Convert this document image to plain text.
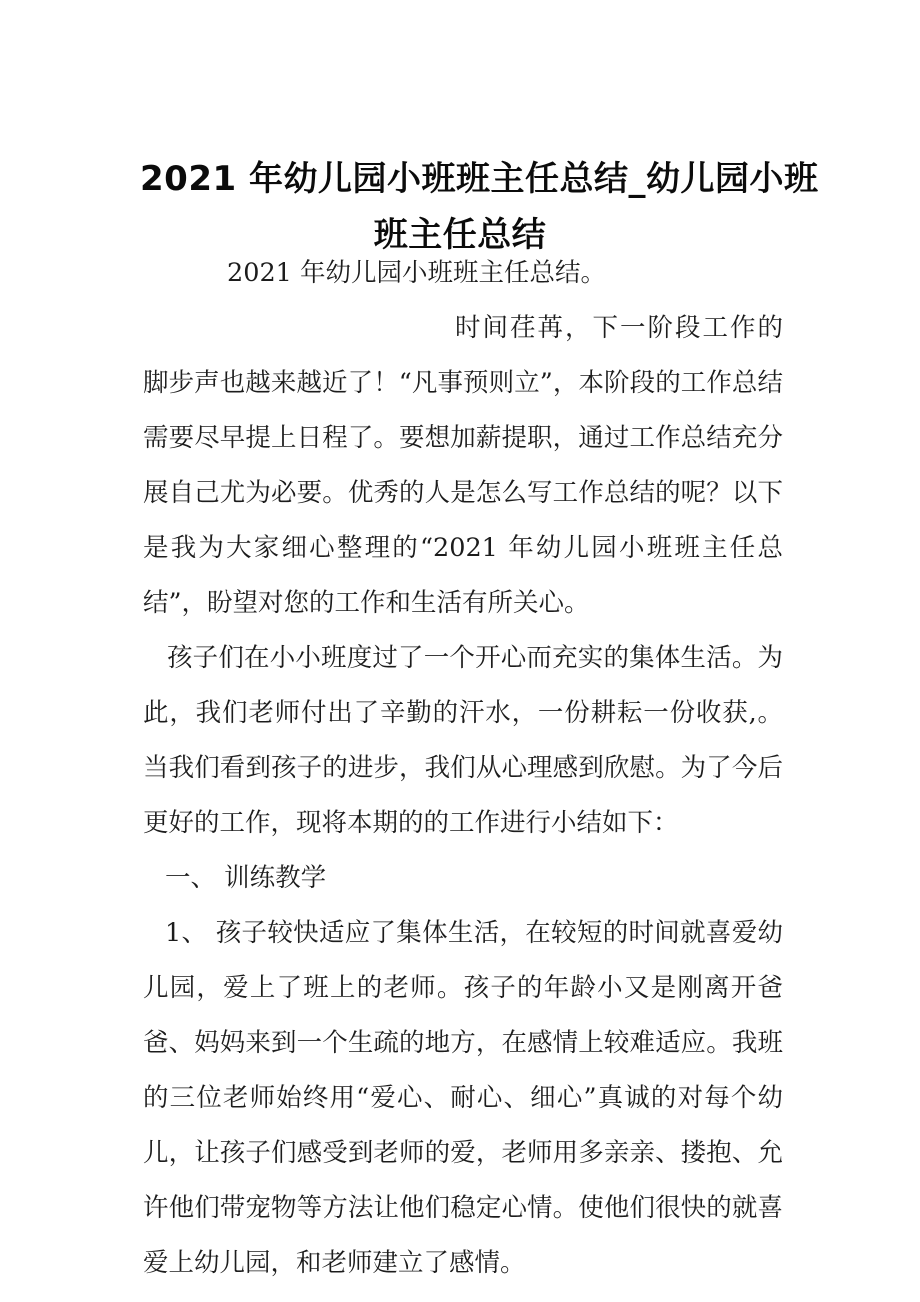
2021 年幼儿园小班班主任总结_幼儿园小班
班主任总结

2021 年幼儿园小班班主任总结。

时间荏苒，下一阶段工作的脚步声也越来越近了！“凡事预则立”，本阶段的工作总结需要尽早提上日程了。要想加薪提职，通过工作总结充分展自己尤为必要。优秀的人是怎么写工作总结的呢？以下是我为大家细心整理的“2021 年幼儿园小班班主任总结”，盼望对您的工作和生活有所关心。

孩子们在小小班度过了一个开心而充实的集体生活。为此，我们老师付出了辛勤的汗水，一份耕耘一份收获,。当我们看到孩子的进步，我们从心理感到欣慰。为了今后更好的工作，现将本期的的工作进行小结如下：

一、 训练教学

1、 孩子较快适应了集体生活，在较短的时间就喜爱幼儿园，爱上了班上的老师。孩子的年龄小又是刚离开爸爸、妈妈来到一个生疏的地方，在感情上较难适应。我班的三位老师始终用“爱心、耐心、细心”真诚的对每个幼儿，让孩子们感受到老师的爱，老师用多亲亲、搂抱、允许他们带宠物等方法让他们稳定心情。使他们很快的就喜爱上幼儿园，和老师建立了感情。
